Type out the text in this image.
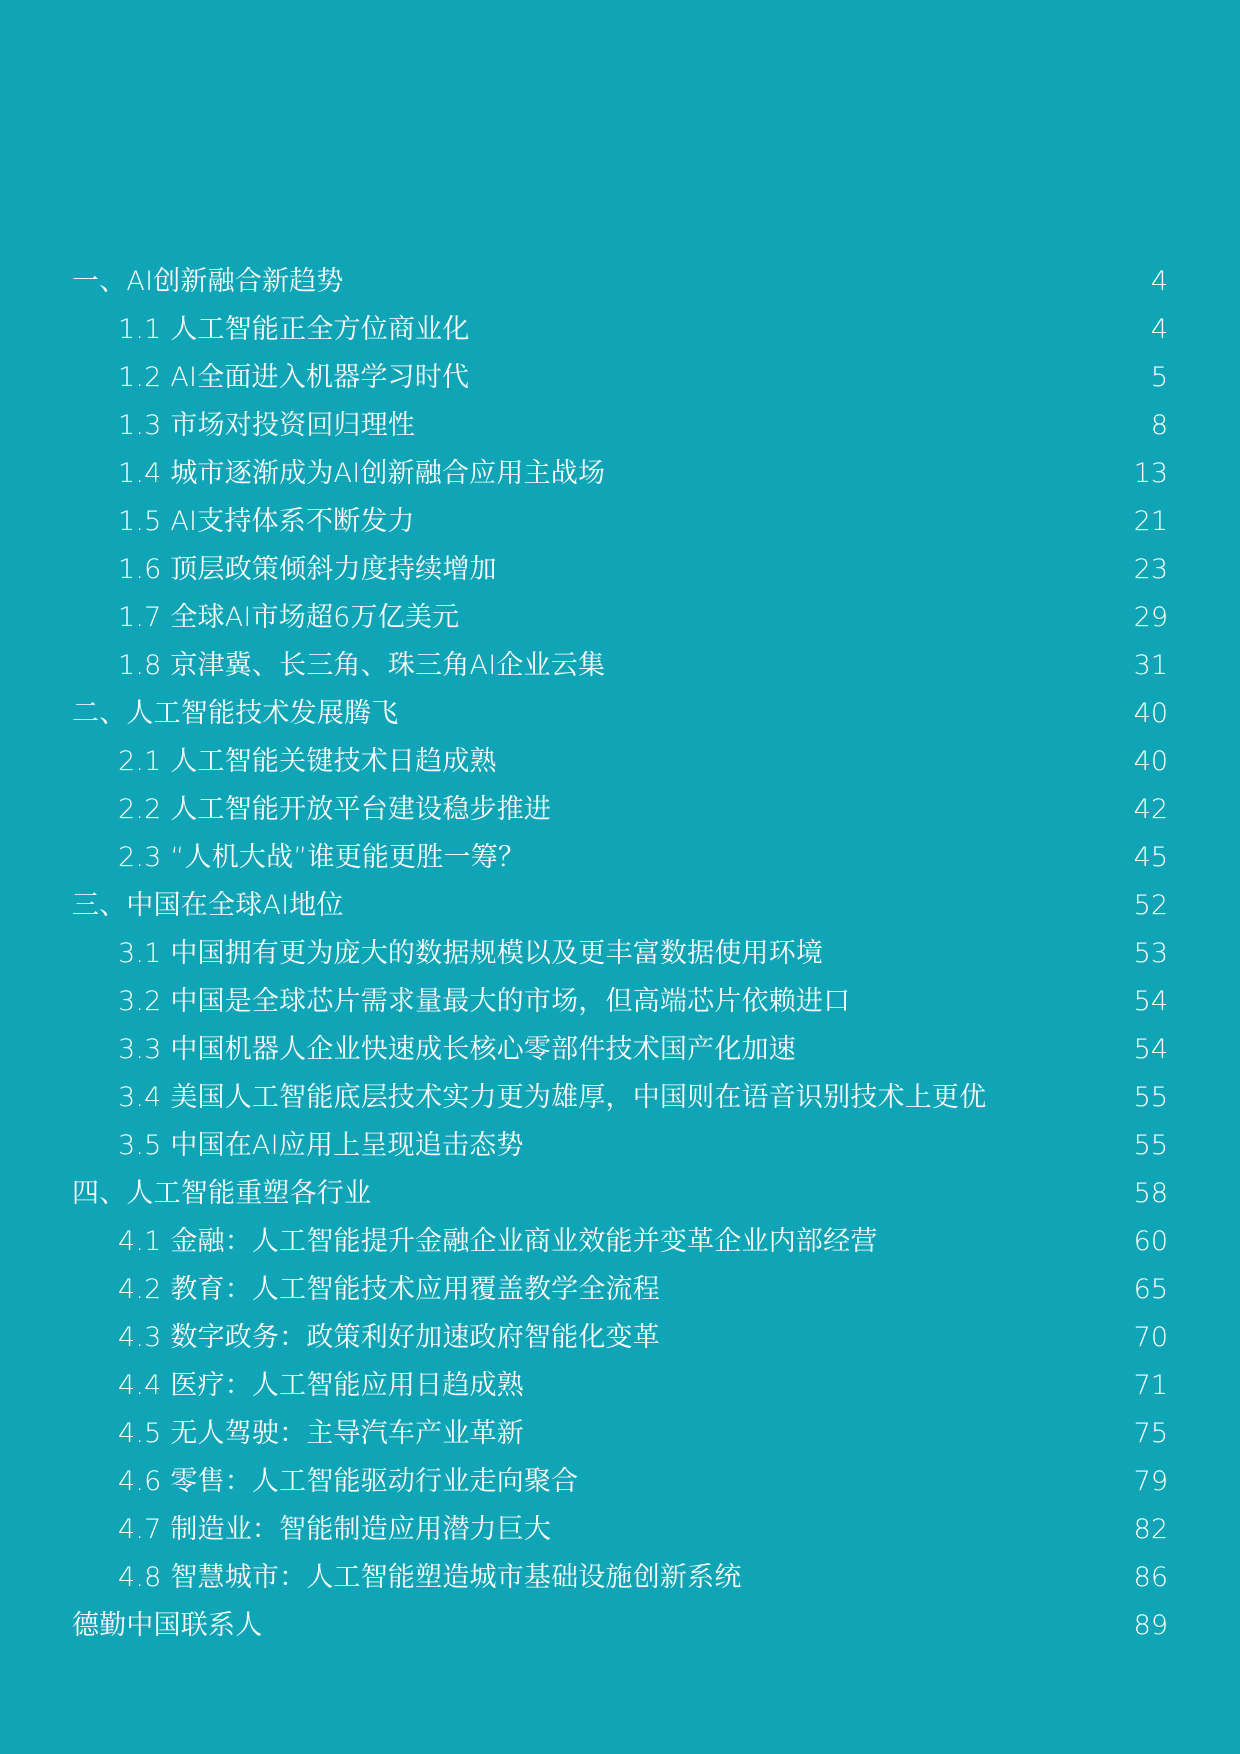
一、AI创新融合新趋势	4
1.1 人工智能正全方位商业化	4
1.2 AI全面进入机器学习时代	5
1.3 市场对投资回归理性	8
1.4 城市逐渐成为AI创新融合应用主战场	13
1.5 AI支持体系不断发力	21
1.6 顶层政策倾斜力度持续增加	23
1.7 全球AI市场超6万亿美元	29
1.8 京津冀、长三角、珠三角AI企业云集	31
二、人工智能技术发展腾飞	40
2.1 人工智能关键技术日趋成熟	40
2.2 人工智能开放平台建设稳步推进	42
2.3 “人机大战”谁更能更胜一筹？	45
三、中国在全球AI地位	52
3.1 中国拥有更为庞大的数据规模以及更丰富数据使用环境	53
3.2 中国是全球芯片需求量最大的市场，但高端芯片依赖进口	54
3.3 中国机器人企业快速成长核心零部件技术国产化加速	54
3.4 美国人工智能底层技术实力更为雄厚，中国则在语音识别技术上更优	55
3.5 中国在AI应用上呈现追击态势	55
四、人工智能重塑各行业	58
4.1 金融：人工智能提升金融企业商业效能并变革企业内部经营	60
4.2 教育：人工智能技术应用覆盖教学全流程	65
4.3 数字政务：政策利好加速政府智能化变革	70
4.4 医疗：人工智能应用日趋成熟	71
4.5 无人驾驶：主导汽车产业革新	75
4.6 零售：人工智能驱动行业走向聚合	79
4.7 制造业：智能制造应用潜力巨大	82
4.8 智慧城市：人工智能塑造城市基础设施创新系统	86
德勤中国联系人	89
